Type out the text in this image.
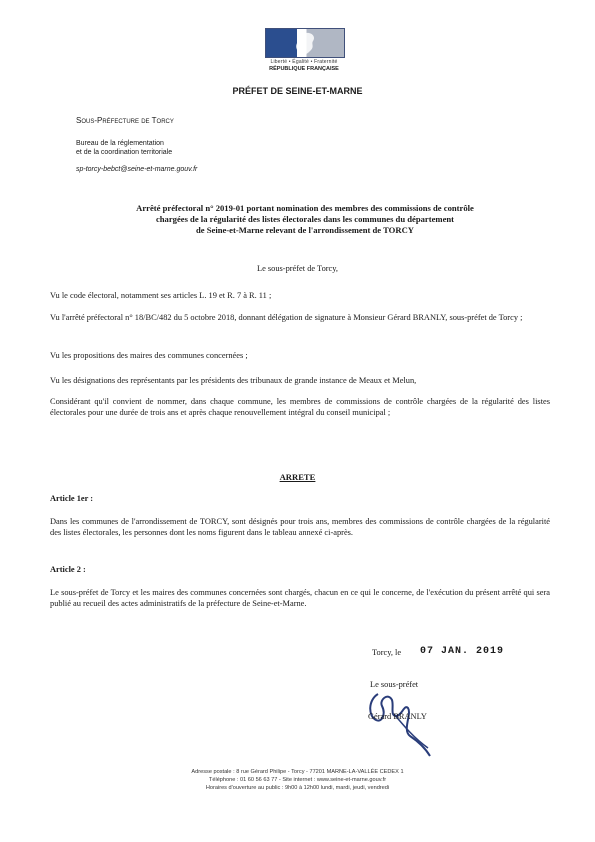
Liberté • Égalité • Fraternité
RÉPUBLIQUE FRANÇAISE
PRÉFET DE SEINE-ET-MARNE
Sous-Préfecture de Torcy
Bureau de la réglementation
et de la coordination territoriale
sp-torcy-bebct@seine-et-marne.gouv.fr
Arrêté préfectoral n° 2019-01 portant nomination des membres des commissions de contrôle
chargées de la régularité des listes électorales dans les communes du département
de Seine-et-Marne relevant de l'arrondissement de TORCY
Le sous-préfet de Torcy,
Vu le code électoral, notamment ses articles L. 19 et R. 7 à R. 11 ;
Vu l'arrêté préfectoral n° 18/BC/482 du 5 octobre 2018, donnant délégation de signature à Monsieur Gérard BRANLY, sous-préfet de Torcy ;
Vu les propositions des maires des communes concernées ;
Vu les désignations des représentants par les présidents des tribunaux de grande instance de Meaux et Melun,
Considérant qu'il convient de nommer, dans chaque commune, les membres de commissions de contrôle chargées de la régularité des listes électorales pour une durée de trois ans et après chaque renouvellement intégral du conseil municipal ;
ARRETE
Article 1er :
Dans les communes de l'arrondissement de TORCY, sont désignés pour trois ans, membres des commissions de contrôle chargées de la régularité des listes électorales, les personnes dont les noms figurent dans le tableau annexé ci-après.
Article 2 :
Le sous-préfet de Torcy et les maires des communes concernées sont chargés, chacun en ce qui le concerne, de l'exécution du présent arrêté qui sera publié au recueil des actes administratifs de la préfecture de Seine-et-Marne.
Torcy, le 07 JAN. 2019
Le sous-préfet
Gérard BRANLY
Adresse postale : 8 rue Gérard Philipe - Torcy - 77201 MARNE-LA-VALLÉE CEDEX 1
Téléphone : 01 60 56 63 77 - Site internet : www.seine-et-marne.gouv.fr
Horaires d'ouverture au public : 9h00 à 12h00 lundi, mardi, jeudi, vendredi
